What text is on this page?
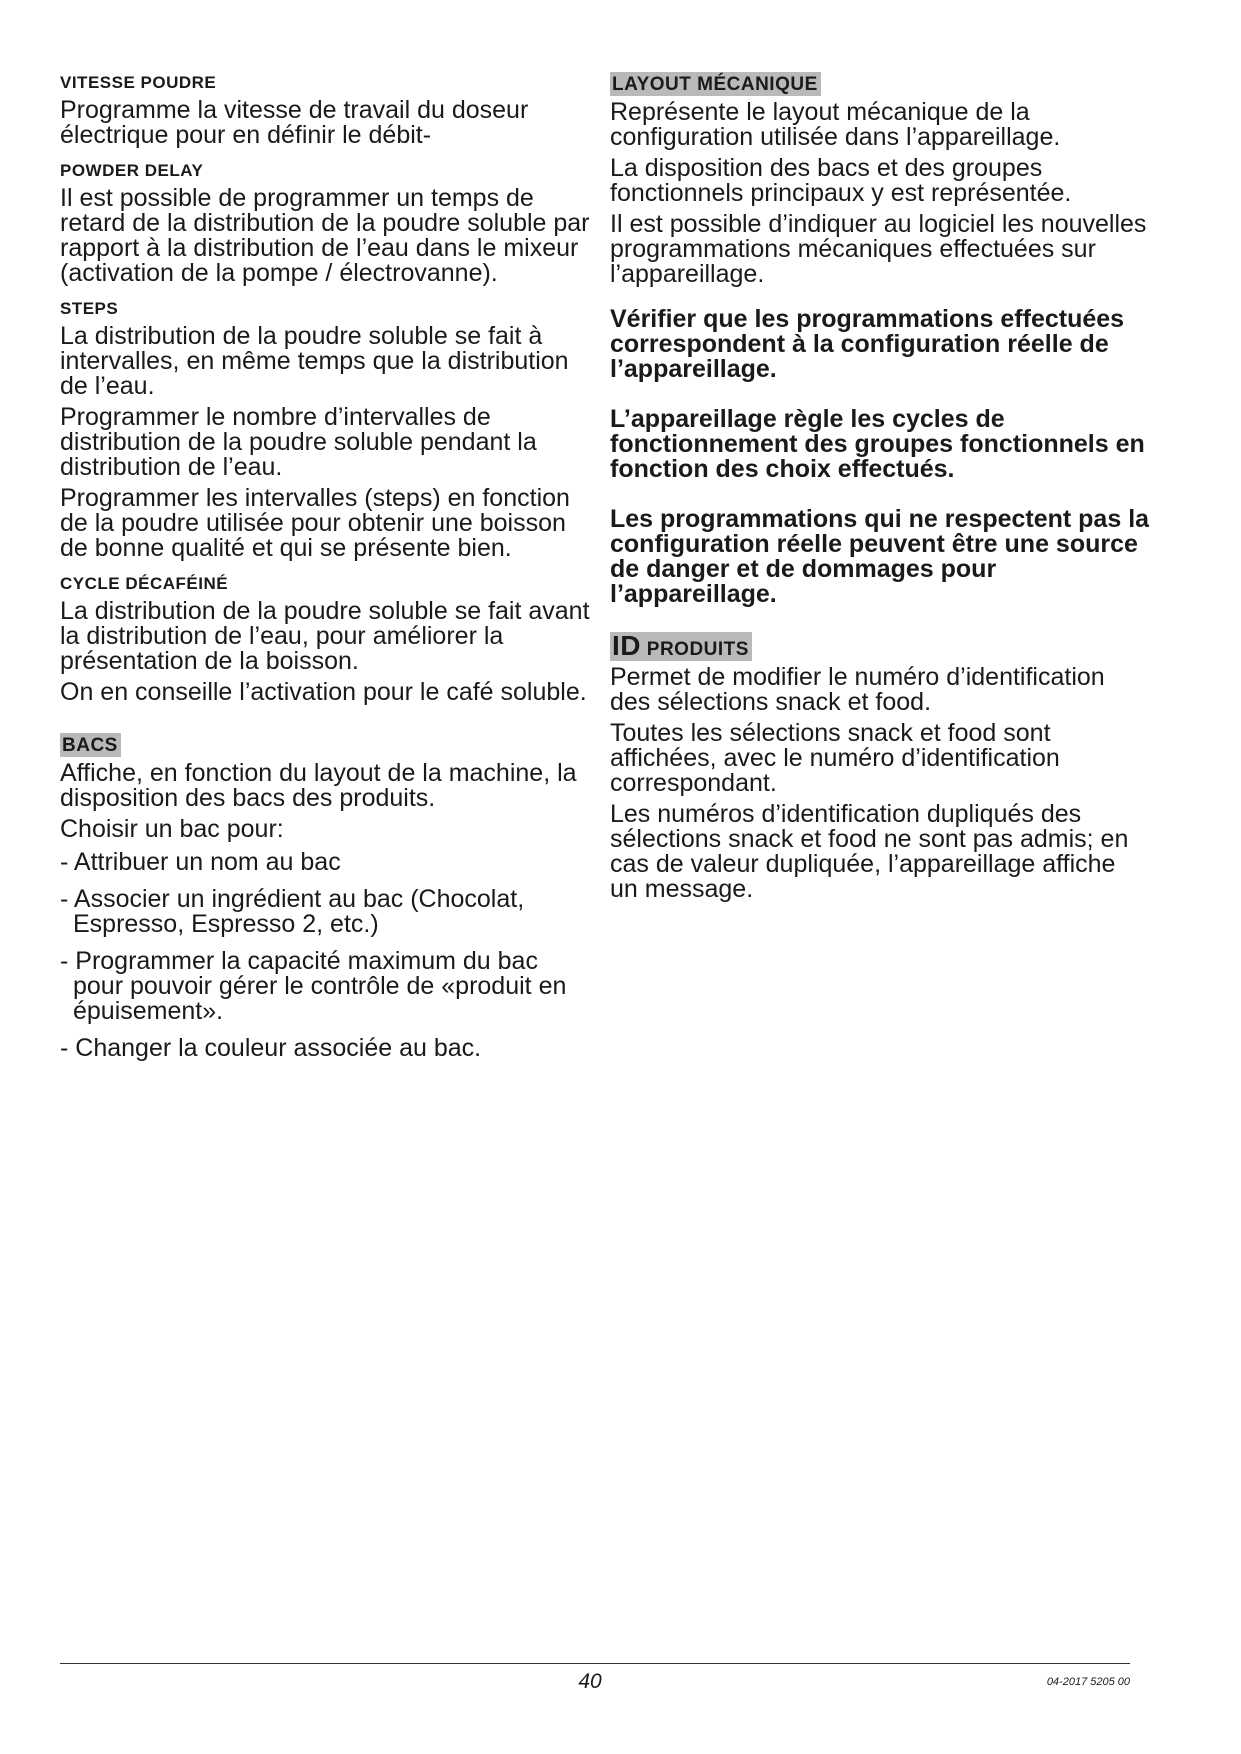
VITESSE POUDRE

Programme la vitesse de travail du doseur électrique pour en définir le débit-

POWDER DELAY

Il est possible de programmer un temps de retard de la distribution de la poudre soluble par rapport à la distribution de l’eau dans le mixeur (activation de la pompe / électrovanne).

STEPS

La distribution de la poudre soluble se fait à intervalles, en même temps que la distribution de l’eau.

Programmer le nombre d’intervalles de distribution de la poudre soluble pendant la distribution de l’eau.

Programmer les intervalles (steps) en fonction de la poudre utilisée pour obtenir une boisson de bonne qualité et qui se présente bien.

CYCLE DÉCAFÉINÉ

La distribution de la poudre soluble se fait avant la distribution de l’eau, pour améliorer la présentation de la boisson.

On en conseille l’activation pour le café soluble.

BACS

Affiche, en fonction du layout de la machine, la disposition des bacs des produits.

Choisir un bac pour:

- Attribuer un nom au bac
- Associer un ingrédient au bac (Chocolat, Espresso, Espresso 2, etc.)
- Programmer la capacité maximum du bac pour pouvoir gérer le contrôle de «produit en épuisement».
- Changer la couleur associée au bac.
LAYOUT MÉCANIQUE

Représente le layout mécanique de la configuration utilisée dans l’appareillage.

La disposition des bacs et des groupes fonctionnels principaux y est représentée.

Il est possible d’indiquer au logiciel les nouvelles programmations mécaniques effectuées sur l’appareillage.

Vérifier que les programmations effectuées correspondent à la configuration réelle de l’appareillage.

L’appareillage règle les cycles de fonctionnement des groupes fonctionnels en fonction des choix effectués.

Les programmations qui ne respectent pas la configuration réelle peuvent être une source de danger et de dommages pour l’appareillage.

ID PRODUITS

Permet de modifier le numéro d’identification des sélections snack et food.

Toutes les sélections snack et food sont affichées, avec le numéro d’identification correspondant.

Les numéros d’identification dupliqués des sélections snack et food ne sont pas admis; en cas de valeur dupliquée, l’appareillage affiche un message.

40	04-2017 5205 00
